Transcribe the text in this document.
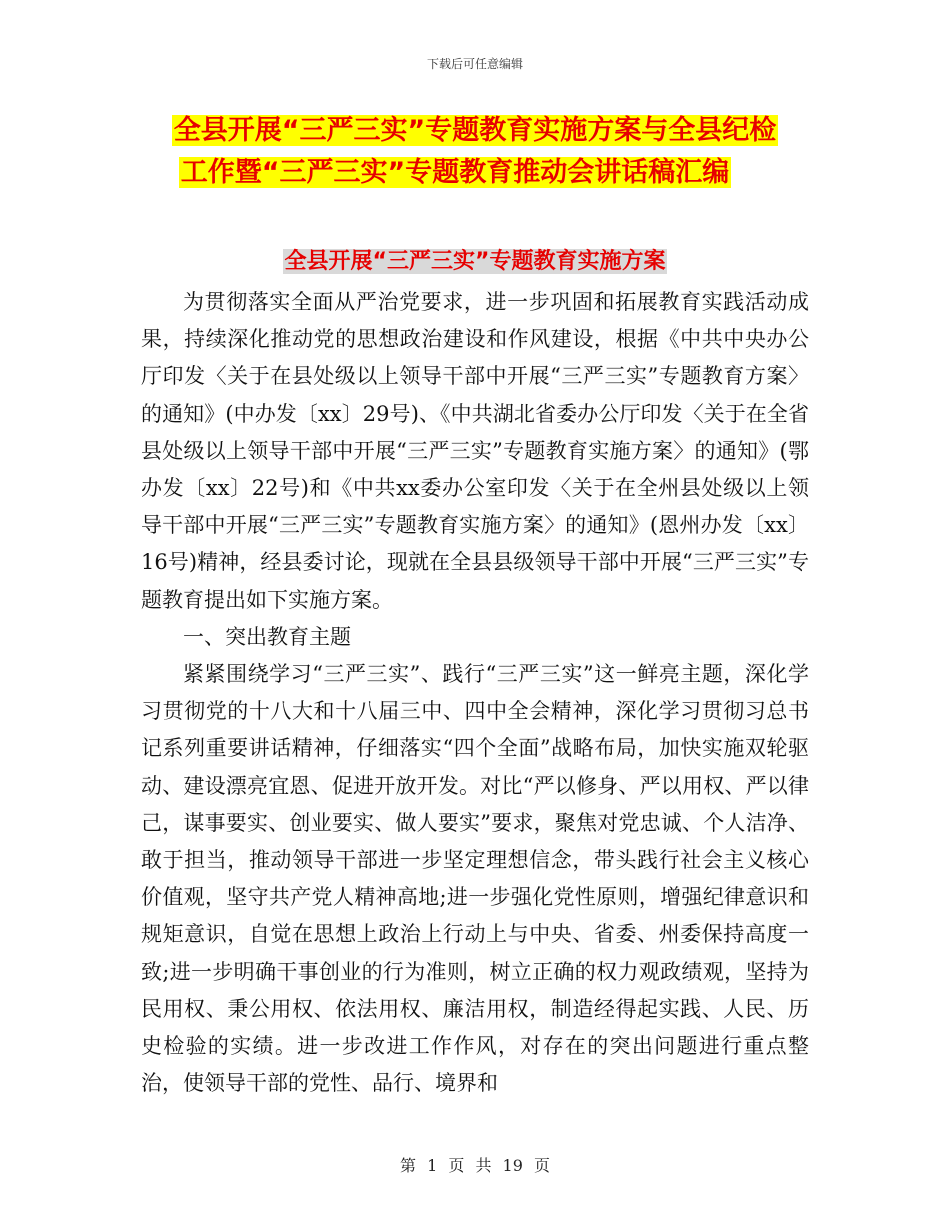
下载后可任意编辑
全县开展“三严三实”专题教育实施方案与全县纪检
工作暨“三严三实”专题教育推动会讲话稿汇编
全县开展“三严三实”专题教育实施方案

为贯彻落实全面从严治党要求，进一步巩固和拓展教育实践活动成果，持续深化推动党的思想政治建设和作风建设，根据《中共中央办公厅印发〈关于在县处级以上领导干部中开展“三严三实”专题教育方案〉的通知》(中办发〔xx〕29号)、《中共湖北省委办公厅印发〈关于在全省县处级以上领导干部中开展“三严三实”专题教育实施方案〉的通知》(鄂办发〔xx〕22号)和《中共xx委办公室印发〈关于在全州县处级以上领导干部中开展“三严三实”专题教育实施方案〉的通知》(恩州办发〔xx〕16号)精神，经县委讨论，现就在全县县级领导干部中开展“三严三实”专题教育提出如下实施方案。

一、突出教育主题

紧紧围绕学习“三严三实”、践行“三严三实”这一鲜亮主题，深化学习贯彻党的十八大和十八届三中、四中全会精神，深化学习贯彻习总书记系列重要讲话精神，仔细落实“四个全面”战略布局，加快实施双轮驱动、建设漂亮宜恩、促进开放开发。对比“严以修身、严以用权、严以律己，谋事要实、创业要实、做人要实”要求，聚焦对党忠诚、个人洁净、敢于担当，推动领导干部进一步坚定理想信念，带头践行社会主义核心价值观，坚守共产党人精神高地;进一步强化党性原则，增强纪律意识和规矩意识，自觉在思想上政治上行动上与中央、省委、州委保持高度一致;进一步明确干事创业的行为准则，树立正确的权力观政绩观，坚持为民用权、秉公用权、依法用权、廉洁用权，制造经得起实践、人民、历史检验的实绩。进一步改进工作作风，对存在的突出问题进行重点整治，使领导干部的党性、品行、境界和

第 1 页 共 19 页
